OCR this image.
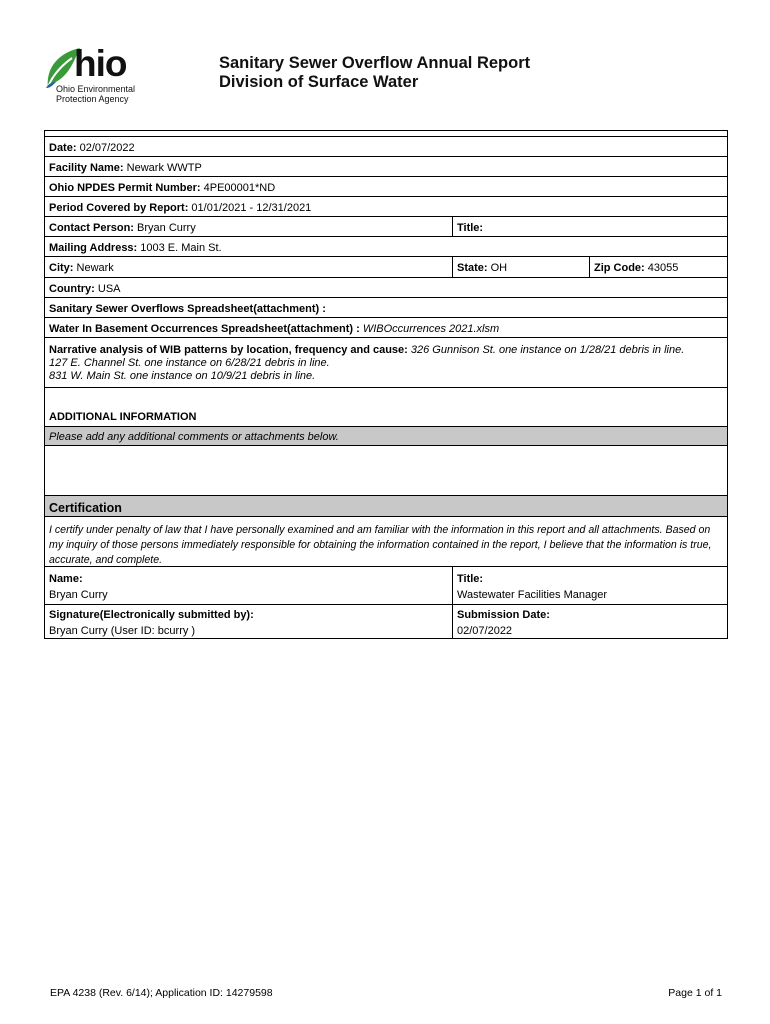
hio
Ohio Environmental
Protection Agency
Sanitary Sewer Overflow Annual Report
Division of Surface Water
Date: 02/07/2022
Facility Name: Newark WWTP
Ohio NPDES Permit Number: 4PE00001*ND
Period Covered by Report: 01/01/2021 - 12/31/2021
Contact Person: Bryan Curry	Title:
Mailing Address: 1003 E. Main St.
City: Newark	State: OH	Zip Code: 43055
Country: USA
Sanitary Sewer Overflows Spreadsheet(attachment) :
Water In Basement Occurrences Spreadsheet(attachment) : WIBOccurrences 2021.xlsm
Narrative analysis of WIB patterns by location, frequency and cause: 326 Gunnison St. one instance on 1/28/21 debris in line.
127 E. Channel St. one instance on 6/28/21 debris in line.
831 W. Main St. one instance on 10/9/21 debris in line.
ADDITIONAL INFORMATION
Please add any additional comments or attachments below.
Certification
I certify under penalty of law that I have personally examined and am familiar with the information in this report and all attachments. Based on my inquiry of those persons immediately responsible for obtaining the information contained in the report, I believe that the information is true, accurate, and complete.
Name:
Bryan Curry
Title:
Wastewater Facilities Manager
Signature(Electronically submitted by):
Bryan Curry (User ID: bcurry )
Submission Date:
02/07/2022
EPA 4238 (Rev. 6/14); Application ID: 14279598	Page 1 of 1
